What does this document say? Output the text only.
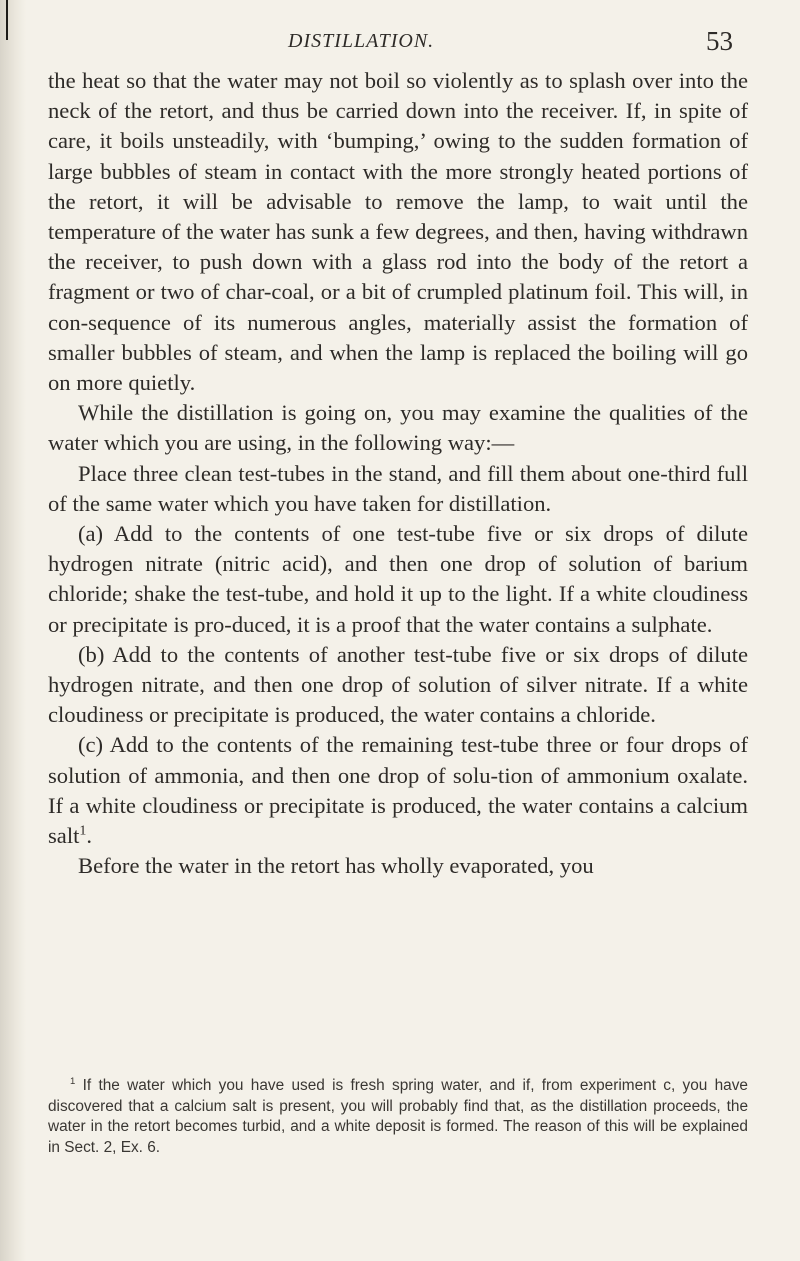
DISTILLATION.	53

the heat so that the water may not boil so violently as to splash over into the neck of the retort, and thus be carried down into the receiver. If, in spite of care, it boils unsteadily, with ‘bumping,’ owing to the sudden formation of large bubbles of steam in contact with the more strongly heated portions of the retort, it will be advisable to remove the lamp, to wait until the temperature of the water has sunk a few degrees, and then, having withdrawn the receiver, to push down with a glass rod into the body of the retort a fragment or two of char-coal, or a bit of crumpled platinum foil. This will, in con-sequence of its numerous angles, materially assist the formation of smaller bubbles of steam, and when the lamp is replaced the boiling will go on more quietly.

While the distillation is going on, you may examine the qualities of the water which you are using, in the following way:—

Place three clean test-tubes in the stand, and fill them about one-third full of the same water which you have taken for distillation.

(a) Add to the contents of one test-tube five or six drops of dilute hydrogen nitrate (nitric acid), and then one drop of solution of barium chloride; shake the test-tube, and hold it up to the light. If a white cloudiness or precipitate is pro-duced, it is a proof that the water contains a sulphate.

(b) Add to the contents of another test-tube five or six drops of dilute hydrogen nitrate, and then one drop of solution of silver nitrate. If a white cloudiness or precipitate is produced, the water contains a chloride.

(c) Add to the contents of the remaining test-tube three or four drops of solution of ammonia, and then one drop of solu-tion of ammonium oxalate. If a white cloudiness or precipitate is produced, the water contains a calcium salt$^1$.

Before the water in the retort has wholly evaporated, you

$^1$ If the water which you have used is fresh spring water, and if, from experiment c, you have discovered that a calcium salt is present, you will probably find that, as the distillation proceeds, the water in the retort becomes turbid, and a white deposit is formed. The reason of this will be explained in Sect. 2, Ex. 6.
